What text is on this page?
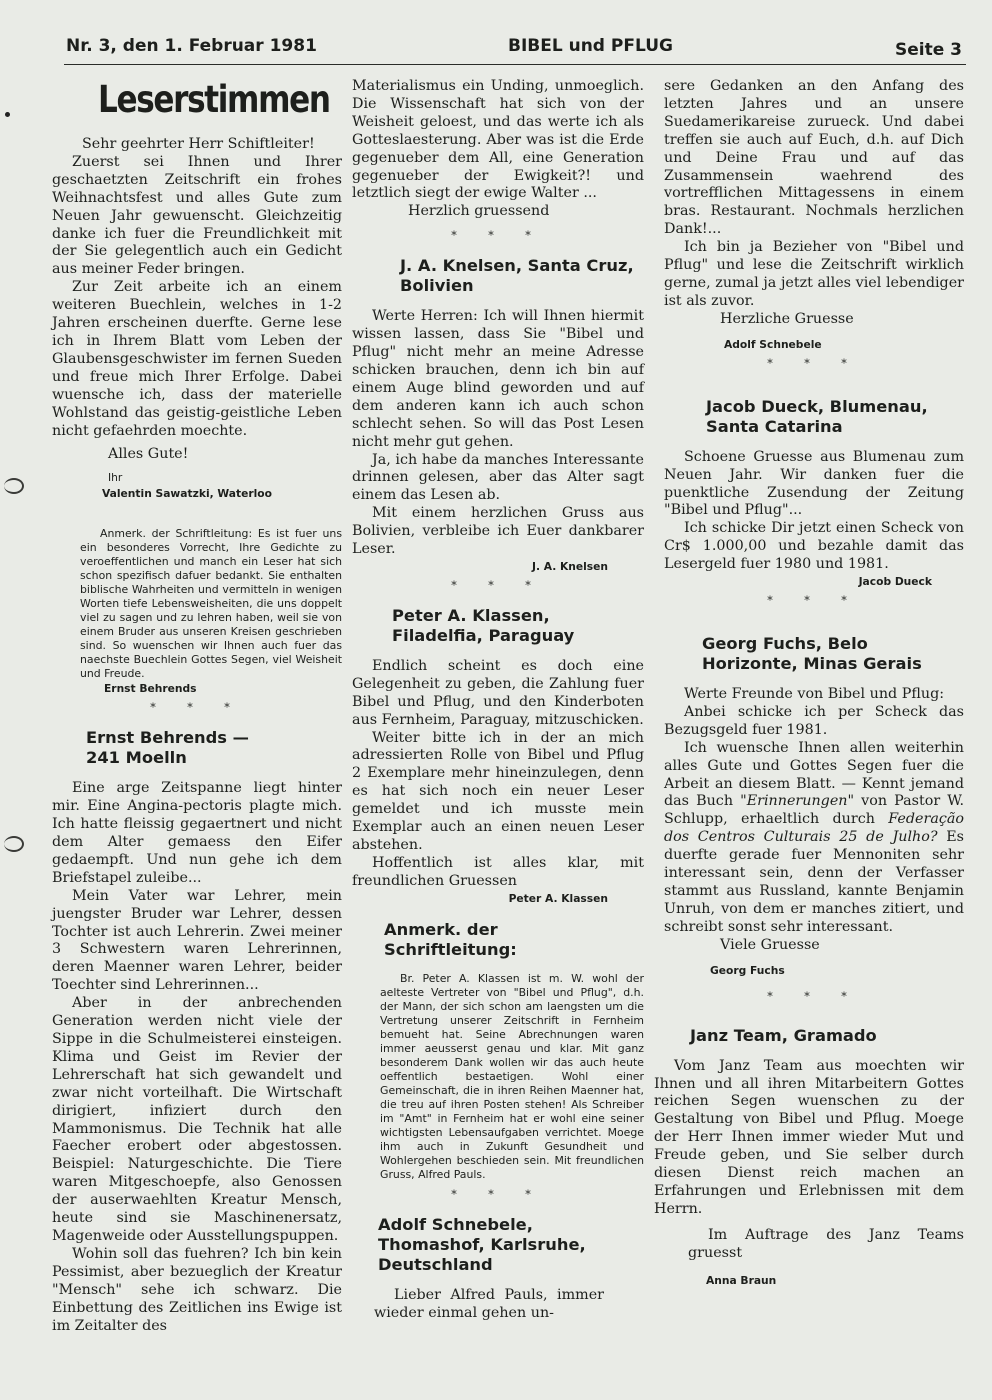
Nr. 3, den 1. Februar 1981	BIBEL und PFLUG	Seite 3
Leserstimmen

Sehr geehrter Herr Schiftleiter!

Zuerst sei Ihnen und Ihrer geschaetzten Zeitschrift ein frohes Weihnachtsfest und alles Gute zum Neuen Jahr gewuenscht. Gleichzeitig danke ich fuer die Freundlichkeit mit der Sie gelegentlich auch ein Gedicht aus meiner Feder bringen.

Zur Zeit arbeite ich an einem weiteren Buechlein, welches in 1-2 Jahren erscheinen duerfte. Gerne lese ich in Ihrem Blatt vom Leben der Glaubensgeschwister im fernen Sueden und freue mich Ihrer Erfolge. Dabei wuensche ich, dass der materielle Wohlstand das geistig-geistliche Leben nicht gefaehrden moechte.

Alles Gute!

Ihr

Valentin Sawatzki, Waterloo

Anmerk. der Schriftleitung: Es ist fuer uns ein besonderes Vorrecht, Ihre Gedichte zu veroeffentlichen und manch ein Leser hat sich schon spezifisch dafuer bedankt. Sie enthalten biblische Wahrheiten und vermitteln in wenigen Worten tiefe Lebensweisheiten, die uns doppelt viel zu sagen und zu lehren haben, weil sie von einem Bruder aus unseren Kreisen geschrieben sind. So wuenschen wir Ihnen auch fuer das naechste Buechlein Gottes Segen, viel Weisheit und Freude.

Ernst Behrends

* * *
Ernst Behrends — 241 Moelln

Eine arge Zeitspanne liegt hinter mir. Eine Angina-pectoris plagte mich. Ich hatte fleissig gegaertnert und nicht dem Alter gemaess den Eifer gedaempft. Und nun gehe ich dem Briefstapel zuleibe...

Mein Vater war Lehrer, mein juengster Bruder war Lehrer, dessen Tochter ist auch Lehrerin. Zwei meiner 3 Schwestern waren Lehrerinnen, deren Maenner waren Lehrer, beider Toechter sind Lehrerinnen...

Aber in der anbrechenden Generation werden nicht viele der Sippe in die Schulmeisterei einsteigen. Klima und Geist im Revier der Lehrerschaft hat sich gewandelt und zwar nicht vorteilhaft. Die Wirtschaft dirigiert, infiziert durch den Mammonismus. Die Technik hat alle Faecher erobert oder abgestossen. Beispiel: Naturgeschichte. Die Tiere waren Mitgeschoepfe, also Genossen der auserwaehlten Kreatur Mensch, heute sind sie Maschinenersatz, Magenweide oder Ausstellungspuppen.

Wohin soll das fuehren? Ich bin kein Pessimist, aber bezueglich der Kreatur "Mensch" sehe ich schwarz. Die Einbettung des Zeitlichen ins Ewige ist im Zeitalter des

Materialismus ein Unding, unmoeglich. Die Wissenschaft hat sich von der Weisheit geloest, und das werte ich als Gotteslaesterung. Aber was ist die Erde gegenueber dem All, eine Generation gegenueber der Ewigkeit?! und letztlich siegt der ewige Walter ...

Herzlich gruessend

* * *
J. A. Knelsen, Santa Cruz, Bolivien

Werte Herren: Ich will Ihnen hiermit wissen lassen, dass Sie "Bibel und Pflug" nicht mehr an meine Adresse schicken brauchen, denn ich bin auf einem Auge blind geworden und auf dem anderen kann ich auch schon schlecht sehen. So will das Post Lesen nicht mehr gut gehen.

Ja, ich habe da manches Interessante drinnen gelesen, aber das Alter sagt einem das Lesen ab.

Mit einem herzlichen Gruss aus Bolivien, verbleibe ich Euer dankbarer Leser.

J. A. Knelsen

* * *
Peter A. Klassen, Filadelfia, Paraguay

Endlich scheint es doch eine Gelegenheit zu geben, die Zahlung fuer Bibel und Pflug, und den Kinderboten aus Fernheim, Paraguay, mitzuschicken.

Weiter bitte ich in der an mich adressierten Rolle von Bibel und Pflug 2 Exemplare mehr hineinzulegen, denn es hat sich noch ein neuer Leser gemeldet und ich musste mein Exemplar auch an einen neuen Leser abstehen.

Hoffentlich ist alles klar, mit freundlichen Gruessen

Peter A. Klassen

Anmerk. der Schriftleitung:

Br. Peter A. Klassen ist m. W. wohl der aelteste Vertreter von "Bibel und Pflug", d.h. der Mann, der sich schon am laengsten um die Vertretung unserer Zeitschrift in Fernheim bemueht hat. Seine Abrechnungen waren immer aeusserst genau und klar. Mit ganz besonderem Dank wollen wir das auch heute oeffentlich bestaetigen. Wohl einer Gemeinschaft, die in ihren Reihen Maenner hat, die treu auf ihren Posten stehen! Als Schreiber im "Amt" in Fernheim hat er wohl eine seiner wichtigsten Lebensaufgaben verrichtet. Moege ihm auch in Zukunft Gesundheit und Wohlergehen beschieden sein. Mit freundlichen Gruss, Alfred Pauls.

* * *
Adolf Schnebele, Thomashof, Karlsruhe, Deutschland

Lieber Alfred Pauls, immer wieder einmal gehen un-

sere Gedanken an den Anfang des letzten Jahres und an unsere Suedamerikareise zurueck. Und dabei treffen sie auch auf Euch, d.h. auf Dich und Deine Frau und auf das Zusammensein waehrend des vortrefflichen Mittagessens in einem bras. Restaurant. Nochmals herzlichen Dank!...

Ich bin ja Bezieher von "Bibel und Pflug" und lese die Zeitschrift wirklich gerne, zumal ja jetzt alles viel lebendiger ist als zuvor.

Herzliche Gruesse

Adolf Schnebele

* * *
Jacob Dueck, Blumenau, Santa Catarina

Schoene Gruesse aus Blumenau zum Neuen Jahr. Wir danken fuer die puenktliche Zusendung der Zeitung "Bibel und Pflug"...

Ich schicke Dir jetzt einen Scheck von Cr$ 1.000,00 und bezahle damit das Lesergeld fuer 1980 und 1981.

Jacob Dueck

* * *
Georg Fuchs, Belo Horizonte, Minas Gerais

Werte Freunde von Bibel und Pflug:

Anbei schicke ich per Scheck das Bezugsgeld fuer 1981.

Ich wuensche Ihnen allen weiterhin alles Gute und Gottes Segen fuer die Arbeit an diesem Blatt. — Kennt jemand das Buch "Erinnerungen" von Pastor W. Schlupp, erhaeltlich durch Federação dos Centros Culturais 25 de Julho? Es duerfte gerade fuer Mennoniten sehr interessant sein, denn der Verfasser stammt aus Russland, kannte Benjamin Unruh, von dem er manches zitiert, und schreibt sonst sehr interessant.

Viele Gruesse

Georg Fuchs

* * *
Janz Team, Gramado

Vom Janz Team aus moechten wir Ihnen und all ihren Mitarbeitern Gottes reichen Segen wuenschen zu der Gestaltung von Bibel und Pflug. Moege der Herr Ihnen immer wieder Mut und Freude geben, und Sie selber durch diesen Dienst reich machen an Erfahrungen und Erlebnissen mit dem Herrn.

Im Auftrage des Janz Teams gruesst

Anna Braun
